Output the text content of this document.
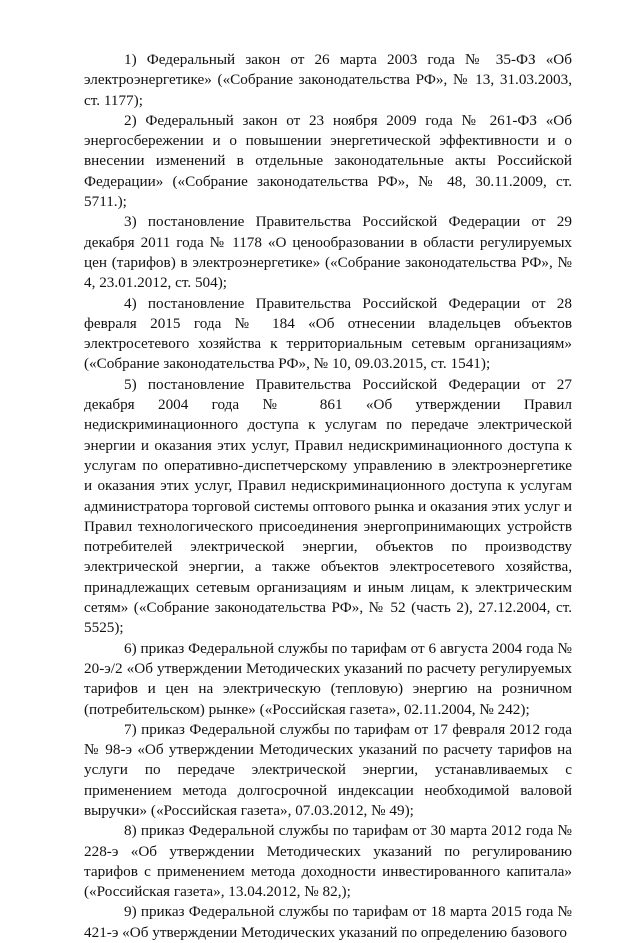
1) Федеральный закон от 26 марта 2003 года № 35-ФЗ «Об электроэнергетике» («Собрание законодательства РФ», № 13, 31.03.2003, ст. 1177);

2) Федеральный закон от 23 ноября 2009 года № 261-ФЗ «Об энергосбережении и о повышении энергетической эффективности и о внесении изменений в отдельные законодательные акты Российской Федерации» («Собрание законодательства РФ», № 48, 30.11.2009, ст. 5711.);

3) постановление Правительства Российской Федерации от 29 декабря 2011 года № 1178 «О ценообразовании в области регулируемых цен (тарифов) в электроэнергетике» («Собрание законодательства РФ», № 4, 23.01.2012, ст. 504);

4) постановление Правительства Российской Федерации от 28 февраля 2015 года № 184 «Об отнесении владельцев объектов электросетевого хозяйства к территориальным сетевым организациям» («Собрание законодательства РФ», № 10, 09.03.2015, ст. 1541);

5) постановление Правительства Российской Федерации от 27 декабря 2004 года № 861 «Об утверждении Правил недискриминационного доступа к услугам по передаче электрической энергии и оказания этих услуг, Правил недискриминационного доступа к услугам по оперативно-диспетчерскому управлению в электроэнергетике и оказания этих услуг, Правил недискриминационного доступа к услугам администратора торговой системы оптового рынка и оказания этих услуг и Правил технологического присоединения энергопринимающих устройств потребителей электрической энергии, объектов по производству электрической энергии, а также объектов электросетевого хозяйства, принадлежащих сетевым организациям и иным лицам, к электрическим сетям» («Собрание законодательства РФ», № 52 (часть 2), 27.12.2004, ст. 5525);

6) приказ Федеральной службы по тарифам от 6 августа 2004 года № 20-э/2 «Об утверждении Методических указаний по расчету регулируемых тарифов и цен на электрическую (тепловую) энергию на розничном (потребительском) рынке» («Российская газета», 02.11.2004, № 242);

7) приказ Федеральной службы по тарифам от 17 февраля 2012 года № 98-э «Об утверждении Методических указаний по расчету тарифов на услуги по передаче электрической энергии, устанавливаемых с применением метода долгосрочной индексации необходимой валовой выручки» («Российская газета», 07.03.2012, № 49);

8) приказ Федеральной службы по тарифам от 30 марта 2012 года № 228-э «Об утверждении Методических указаний по регулированию тарифов с применением метода доходности инвестированного капитала» («Российская газета», 13.04.2012, № 82,);

9) приказ Федеральной службы по тарифам от 18 марта 2015 года № 421-э «Об утверждении Методических указаний по определению базового
